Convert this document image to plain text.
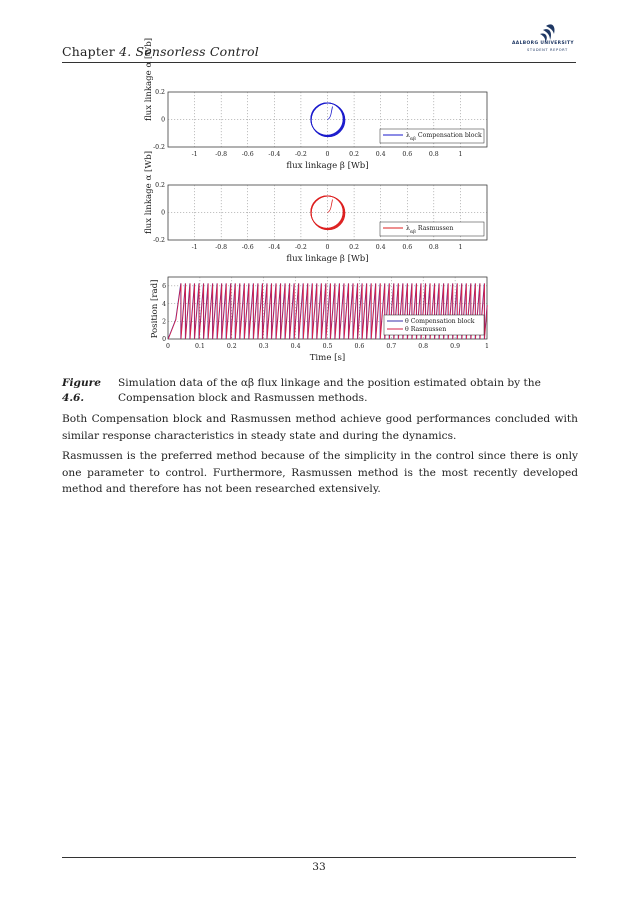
Chapter 4. Sensorless Control
AALBORG UNIVERSITY
STUDENT REPORT
-1	-0.8 -0.6 -0.4 -0.2	0	0.2	0.4	0.6	0.8	1
0.2
0
-0.2
$\lambda_{\alpha\beta}$ Compensation block
flux linkage β [Wb]
flux linkage α [Wb]
-1	-0.8 -0.6 -0.4 -0.2	0	0.2	0.4	0.6	0.8	1
0.2
0
-0.2
$\lambda_{\alpha\beta}$ Rasmussen
flux linkage β [Wb]
flux linkage α [Wb]
0	0.1	0.2	0.3	0.4	0.5	0.6	0.7	0.8	0.9	1
6
4
2
0
θ Compensation block
θ Rasmussen
Time [s]
Position [rad]
Figure 4.6.Simulation data of the αβ flux linkage and the position estimated obtain by the Compensation block and Rasmussen methods.
Both Compensation block and Rasmussen method achieve good performances concluded with similar response characteristics in steady state and during the dynamics.
Rasmussen is the preferred method because of the simplicity in the control since there is only one parameter to control. Furthermore, Rasmussen method is the most recently developed method and therefore has not been researched extensively.
33
